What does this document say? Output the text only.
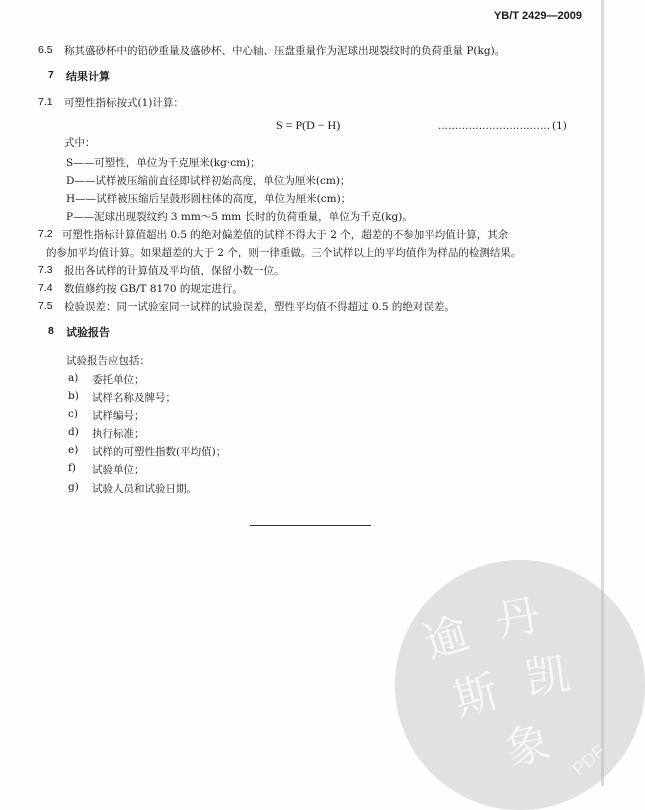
YB/T 2429—2009
6.5 称其盛砂杯中的铅砂重量及盛砂杯、中心轴、压盘重量作为泥球出现裂纹时的负荷重量 P(kg)。
7 结果计算
7.1 可塑性指标按式(1)计算：
S = P(D − H)	…………………………… (1)
式中：
S——可塑性，单位为千克厘米(kg·cm)；
D——试样被压缩前直径即试样初始高度，单位为厘米(cm)；
H——试样被压缩后呈鼓形圆柱体的高度，单位为厘米(cm)；
P——泥球出现裂纹约 3 mm～5 mm 长时的负荷重量，单位为千克(kg)。
7.2 可塑性指标计算值超出 0.5 的绝对偏差值的试样不得大于 2 个，超差的不参加平均值计算，其余
的参加平均值计算。如果超差的大于 2 个，则一律重做。三个试样以上的平均值作为样品的检测结果。
7.3 报出各试样的计算值及平均值，保留小数一位。
7.4 数值修约按 GB/T 8170 的规定进行。
7.5 检验误差：同一试验室同一试样的试验误差，塑性平均值不得超过 0.5 的绝对误差。
8 试验报告
试验报告应包括：
a) 委托单位；
b) 试样名称及牌号；
c) 试样编号；
d) 执行标准；
e) 试样的可塑性指数(平均值)；
f) 试验单位；
g) 试验人员和试验日期。
逾 丹
斯 凯
象 PDF
